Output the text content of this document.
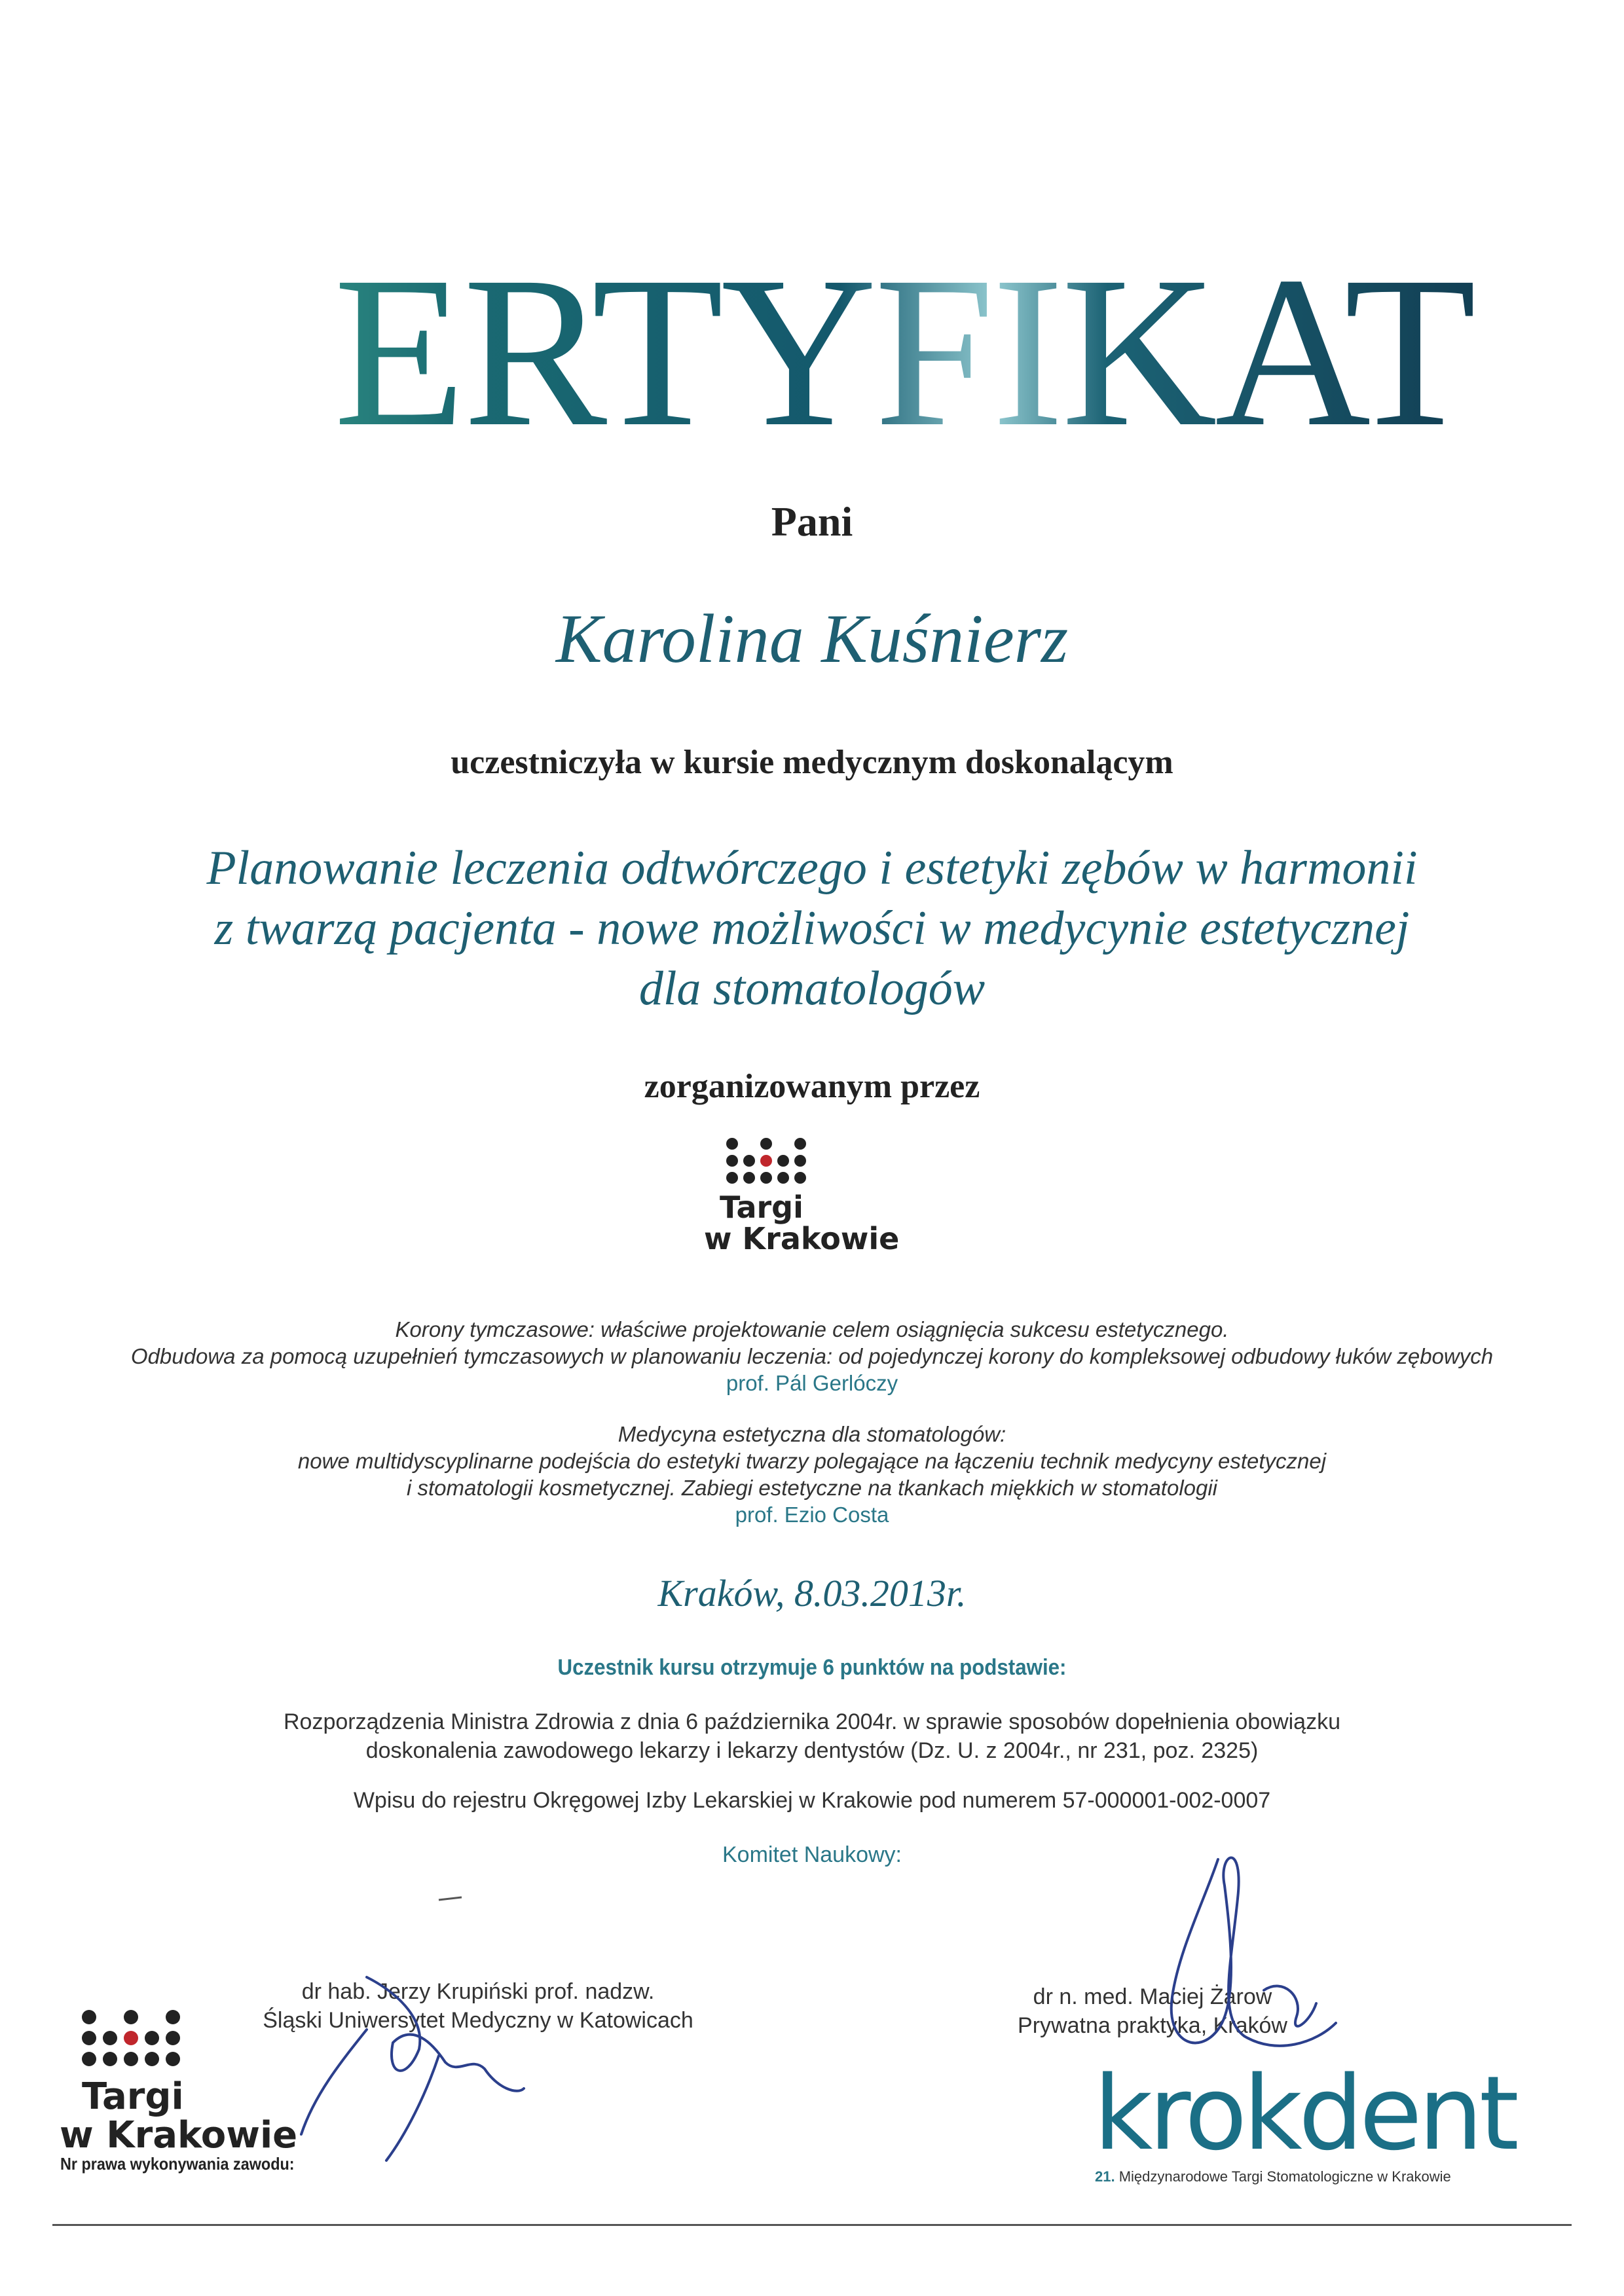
CERTYFIKAT
Pani
Karolina Kuśnierz
uczestniczyła w kursie medycznym doskonalącym
Planowanie leczenia odtwórczego i estetyki zębów w harmonii
z twarzą pacjenta - nowe możliwości w medycynie estetycznej
dla stomatologów
zorganizowanym przez
Targi
w Krakowie
Korony tymczasowe: właściwe projektowanie celem osiągnięcia sukcesu estetycznego.
Odbudowa za pomocą uzupełnień tymczasowych w planowaniu leczenia: od pojedynczej korony do kompleksowej odbudowy łuków zębowych
prof. Pál Gerlóczy
Medycyna estetyczna dla stomatologów:
nowe multidyscyplinarne podejścia do estetyki twarzy polegające na łączeniu technik medycyny estetycznej
i stomatologii kosmetycznej. Zabiegi estetyczne na tkankach miękkich w stomatologii
prof. Ezio Costa
Kraków, 8.03.2013r.
Uczestnik kursu otrzymuje 6 punktów na podstawie:
Rozporządzenia Ministra Zdrowia z dnia 6 października 2004r. w sprawie sposobów dopełnienia obowiązku
doskonalenia zawodowego lekarzy i lekarzy dentystów (Dz. U. z 2004r., nr 231, poz. 2325)
Wpisu do rejestru Okręgowej Izby Lekarskiej w Krakowie pod numerem 57-000001-002-0007
Komitet Naukowy:
dr hab. Jerzy Krupiński prof. nadzw.
Śląski Uniwersytet Medyczny w Katowicach
dr n. med. Maciej Żarow
Prywatna praktyka, Kraków
Targi
w Krakowie
Nr prawa wykonywania zawodu:	krokdent
21. Międzynarodowe Targi Stomatologiczne w Krakowie
